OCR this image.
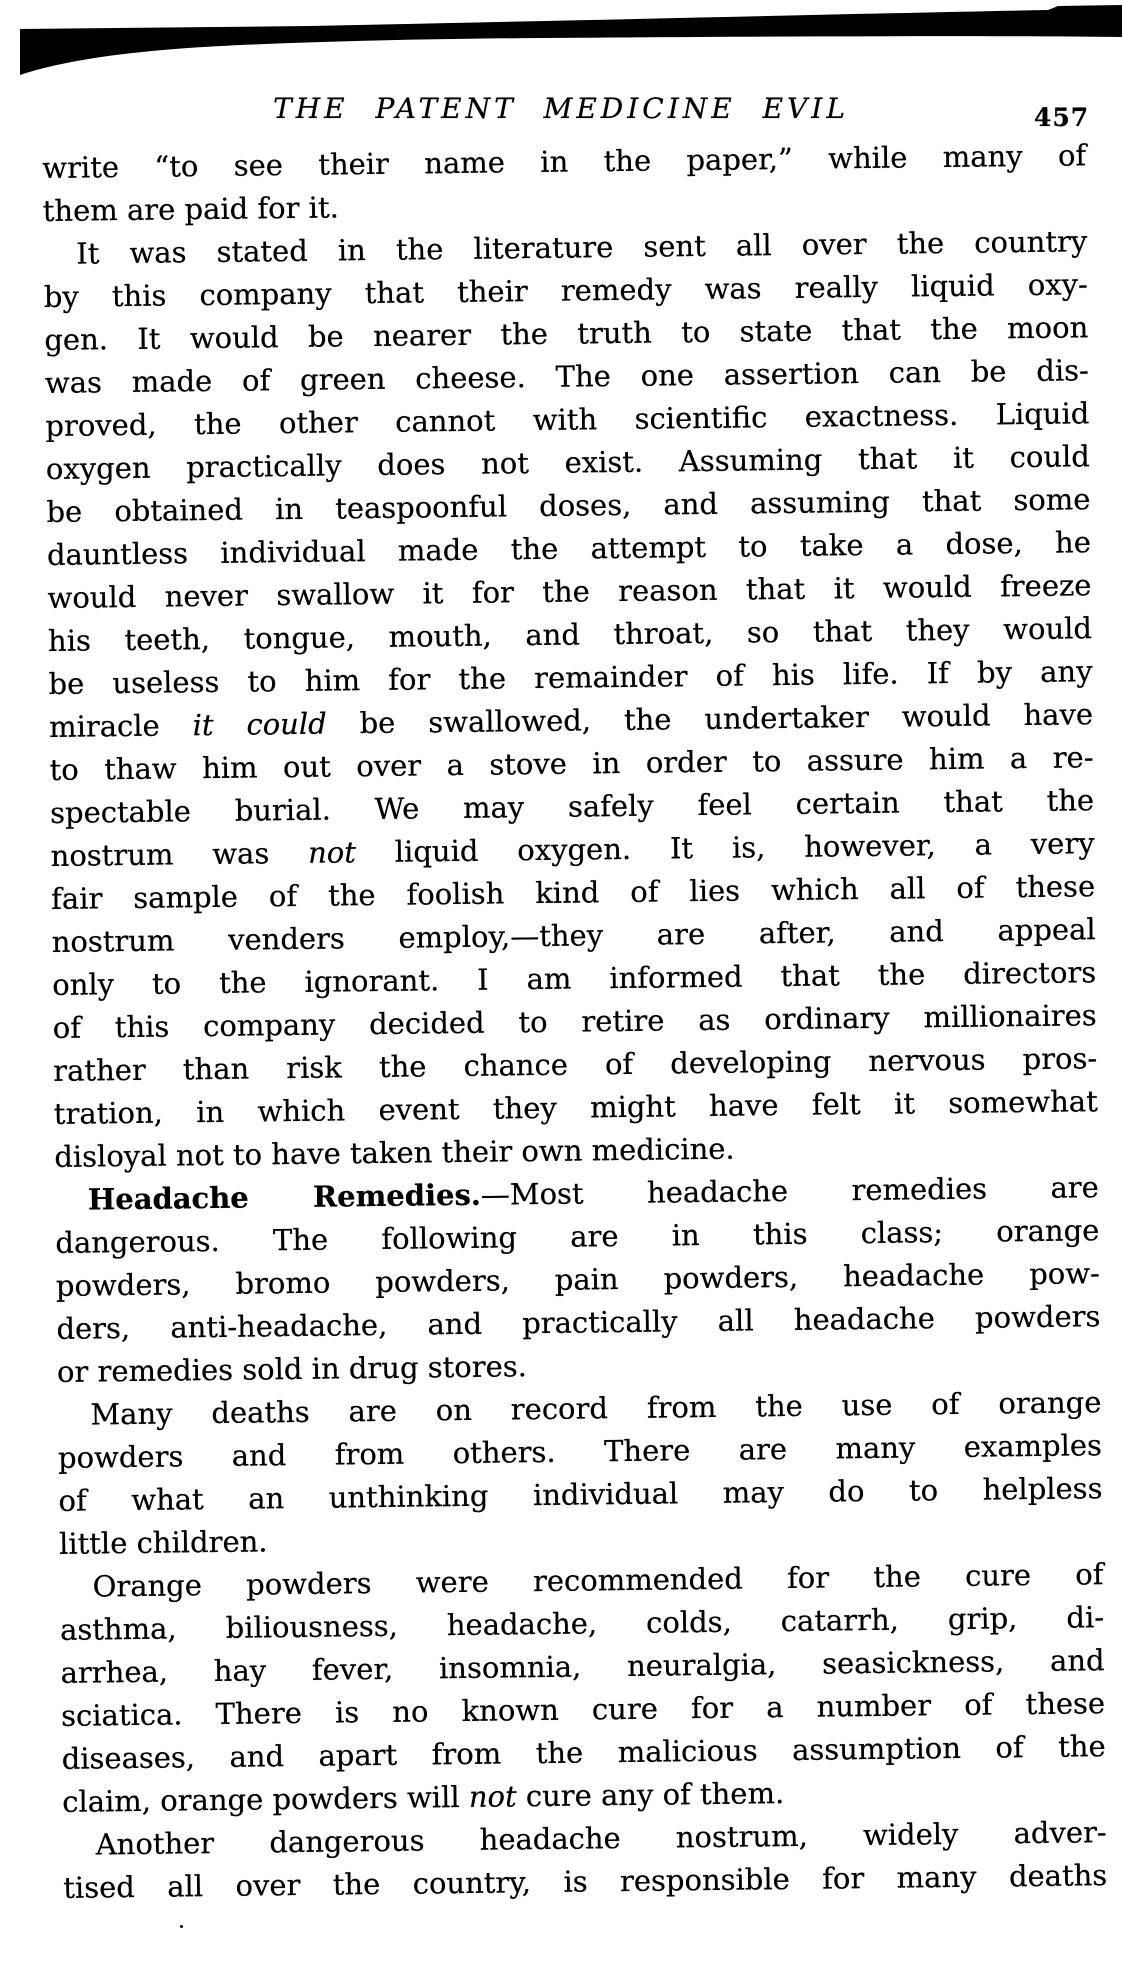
THE PATENT MEDICINE EVIL	457
write “to see their name in the paper,” while many of
them are paid for it.
It was stated in the literature sent all over the country
by this company that their remedy was really liquid oxy-
gen. It would be nearer the truth to state that the moon
was made of green cheese. The one assertion can be dis-
proved, the other cannot with scientific exactness. Liquid
oxygen practically does not exist. Assuming that it could
be obtained in teaspoonful doses, and assuming that some
dauntless individual made the attempt to take a dose, he
would never swallow it for the reason that it would freeze
his teeth, tongue, mouth, and throat, so that they would
be useless to him for the remainder of his life. If by any
miracle it could be swallowed, the undertaker would have
to thaw him out over a stove in order to assure him a re-
spectable burial. We may safely feel certain that the
nostrum was not liquid oxygen. It is, however, a very
fair sample of the foolish kind of lies which all of these
nostrum venders employ,—they are after, and appeal
only to the ignorant. I am informed that the directors
of this company decided to retire as ordinary millionaires
rather than risk the chance of developing nervous pros-
tration, in which event they might have felt it somewhat
disloyal not to have taken their own medicine.
Headache Remedies.—Most headache remedies are
dangerous. The following are in this class; orange
powders, bromo powders, pain powders, headache pow-
ders, anti-headache, and practically all headache powders
or remedies sold in drug stores.
Many deaths are on record from the use of orange
powders and from others. There are many examples
of what an unthinking individual may do to helpless
little children.
Orange powders were recommended for the cure of
asthma, biliousness, headache, colds, catarrh, grip, di-
arrhea, hay fever, insomnia, neuralgia, seasickness, and
sciatica. There is no known cure for a number of these
diseases, and apart from the malicious assumption of the
claim, orange powders will not cure any of them.
Another dangerous headache nostrum, widely adver-
tised all over the country, is responsible for many deaths
